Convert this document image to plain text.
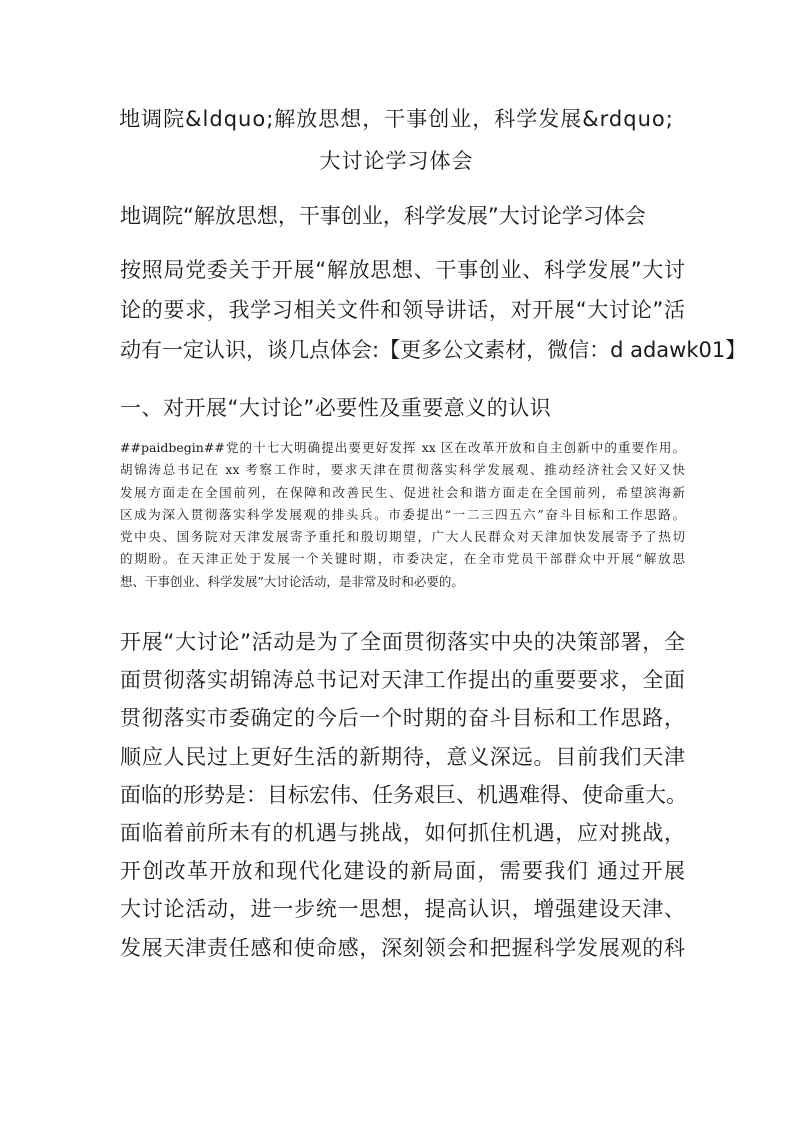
地调院&ldquo;解放思想，干事创业，科学发展&rdquo;
大讨论学习体会
地调院“解放思想，干事创业，科学发展”大讨论学习体会
按照局党委关于开展“解放思想、干事创业、科学发展”大讨
论的要求，我学习相关文件和领导讲话，对开展“大讨论”活
动有一定认识，谈几点体会:【更多公文素材，微信：d adawk01】
一、对开展“大讨论”必要性及重要意义的认识
##paidbegin##党的十七大明确提出要更好发挥 xx 区在改革开放和自主创新中的重要作用。
胡锦涛总书记在 xx 考察工作时，要求天津在贯彻落实科学发展观、推动经济社会又好又快
发展方面走在全国前列，在保障和改善民生、促进社会和谐方面走在全国前列，希望滨海新
区成为深入贯彻落实科学发展观的排头兵。市委提出“一二三四五六”奋斗目标和工作思路。
党中央、国务院对天津发展寄予重托和殷切期望，广大人民群众对天津加快发展寄予了热切
的期盼。在天津正处于发展一个关键时期，市委决定，在全市党员干部群众中开展“解放思
想、干事创业、科学发展”大讨论活动，是非常及时和必要的。
开展“大讨论”活动是为了全面贯彻落实中央的决策部署，全
面贯彻落实胡锦涛总书记对天津工作提出的重要要求，全面
贯彻落实市委确定的今后一个时期的奋斗目标和工作思路，
顺应人民过上更好生活的新期待，意义深远。目前我们天津
面临的形势是：目标宏伟、任务艰巨、机遇难得、使命重大。
面临着前所未有的机遇与挑战，如何抓住机遇，应对挑战，
开创改革开放和现代化建设的新局面，需要我们 通过开展
大讨论活动，进一步统一思想，提高认识，增强建设天津、
发展天津责任感和使命感，深刻领会和把握科学发展观的科
